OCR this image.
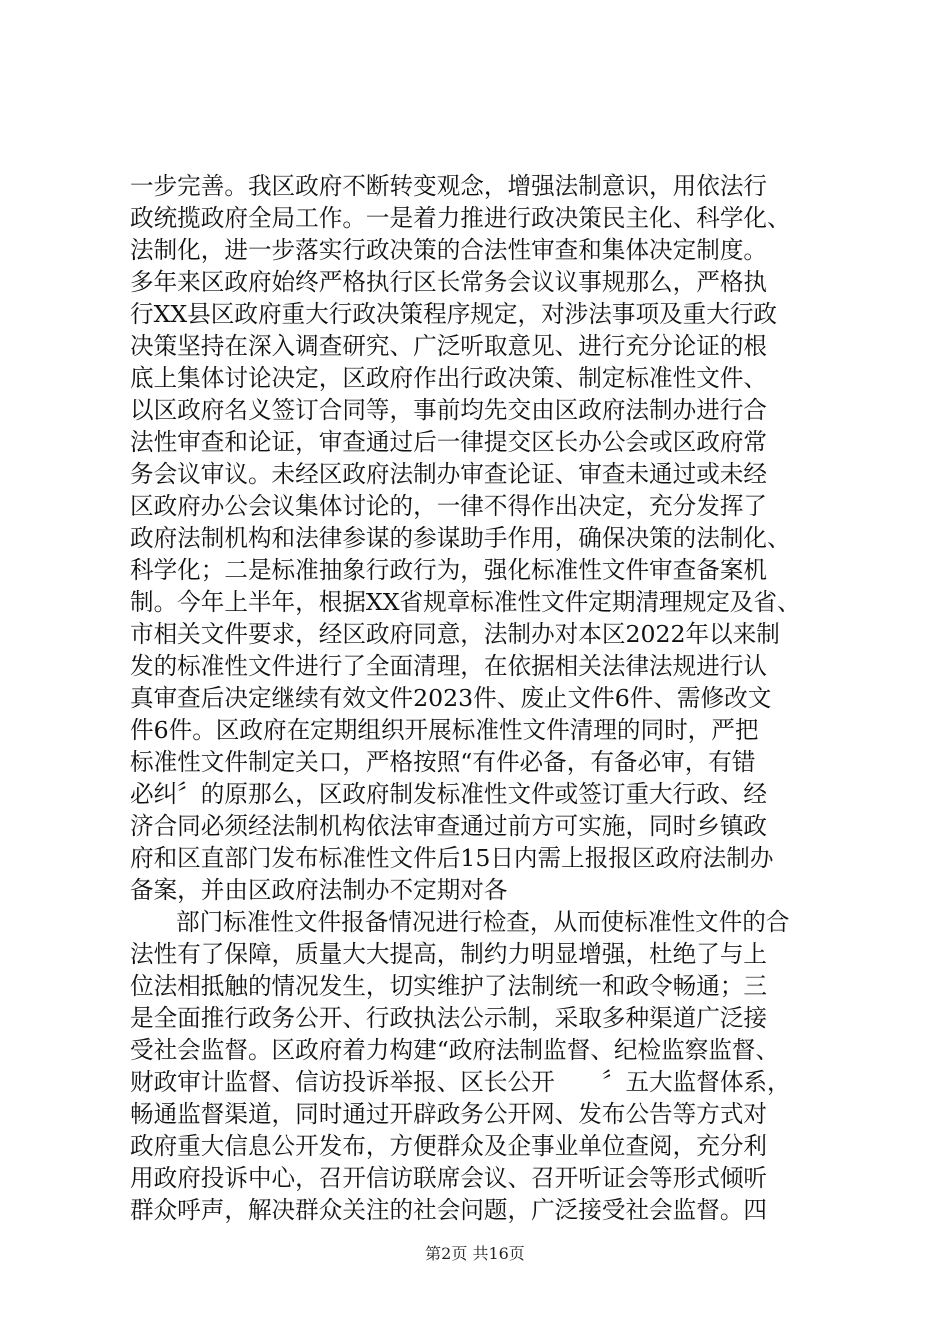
一步完善。我区政府不断转变观念，增强法制意识，用依法行
政统揽政府全局工作。一是着力推进行政决策民主化、科学化、
法制化，进一步落实行政决策的合法性审查和集体决定制度。
多年来区政府始终严格执行区长常务会议议事规那么，严格执
行XX县区政府重大行政决策程序规定，对涉法事项及重大行政
决策坚持在深入调查研究、广泛听取意见、进行充分论证的根
底上集体讨论决定，区政府作出行政决策、制定标准性文件、
以区政府名义签订合同等，事前均先交由区政府法制办进行合
法性审查和论证，审查通过后一律提交区长办公会或区政府常
务会议审议。未经区政府法制办审查论证、审查未通过或未经
区政府办公会议集体讨论的，一律不得作出决定，充分发挥了
政府法制机构和法律参谋的参谋助手作用，确保决策的法制化、
科学化；二是标准抽象行政行为，强化标准性文件审查备案机
制。今年上半年，根据XX省规章标准性文件定期清理规定及省、
市相关文件要求，经区政府同意，法制办对本区2022年以来制
发的标准性文件进行了全面清理，在依据相关法律法规进行认
真审查后决定继续有效文件2023件、废止文件6件、需修改文
件6件。区政府在定期组织开展标准性文件清理的同时，严把
标准性文件制定关口，严格按照“有件必备，有备必审，有错
必纠〞的原那么，区政府制发标准性文件或签订重大行政、经
济合同必须经法制机构依法审查通过前方可实施，同时乡镇政
府和区直部门发布标准性文件后15日内需上报报区政府法制办
备案，并由区政府法制办不定期对各
部门标准性文件报备情况进行检查，从而使标准性文件的合
法性有了保障，质量大大提高，制约力明显增强，杜绝了与上
位法相抵触的情况发生，切实维护了法制统一和政令畅通；三
是全面推行政务公开、行政执法公示制，采取多种渠道广泛接
受社会监督。区政府着力构建“政府法制监督、纪检监察监督、
财政审计监督、信访投诉举报、区长公开　　〞五大监督体系，
畅通监督渠道，同时通过开辟政务公开网、发布公告等方式对
政府重大信息公开发布，方便群众及企事业单位查阅，充分利
用政府投诉中心，召开信访联席会议、召开听证会等形式倾听
群众呼声，解决群众关注的社会问题，广泛接受社会监督。四
第2页 共16页
